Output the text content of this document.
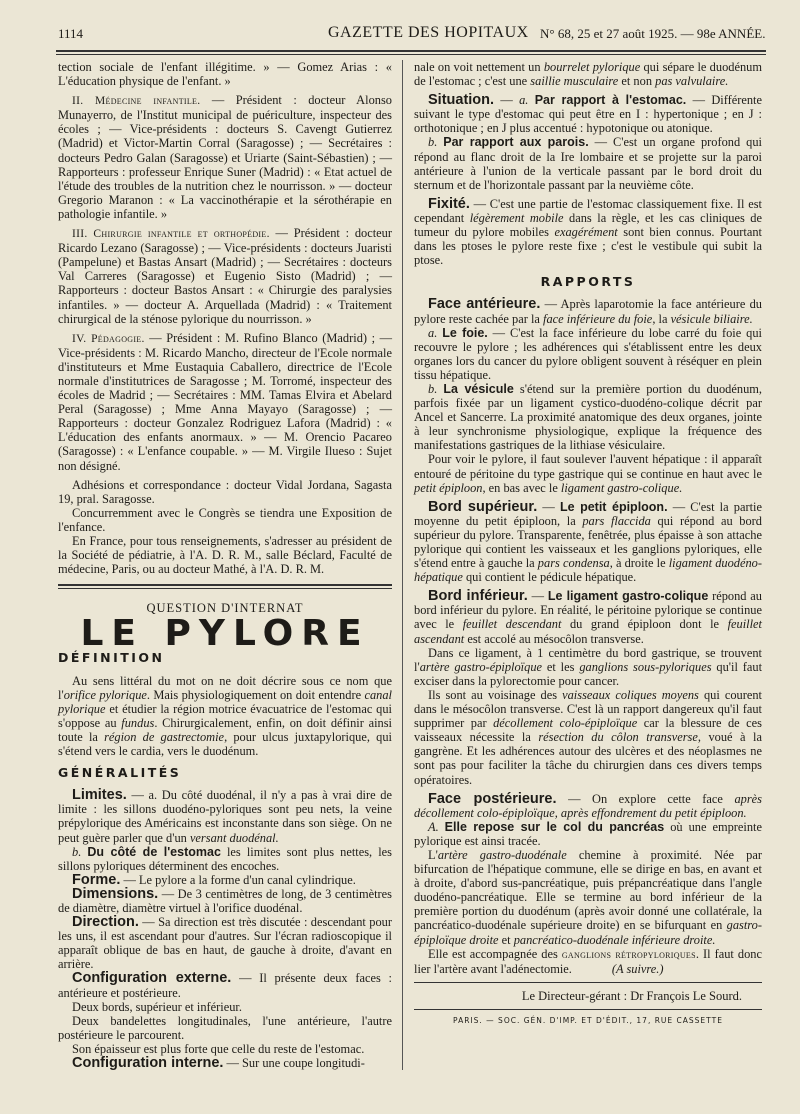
1114	GAZETTE DES HOPITAUX N° 68, 25 et 27 août 1925. — 98e ANNÉE.

tection sociale de l'enfant illégitime. » — Gomez Arias : « L'éducation physique de l'enfant. »

II. Médecine infantile. — Président : docteur Alonso Munayerro, de l'Institut municipal de puériculture, inspecteur des écoles ; — Vice-présidents : docteurs S. Cavengt Gutierrez (Madrid) et Victor-Martin Corral (Saragosse) ; — Secrétaires : docteurs Pedro Galan (Saragosse) et Uriarte (Saint-Sébastien) ; — Rapporteurs : professeur Enrique Suner (Madrid) : « Etat actuel de l'étude des troubles de la nutrition chez le nourrisson. » — docteur Gregorio Maranon : « La vaccinothérapie et la sérothérapie en pathologie infantile. »

III. Chirurgie infantile et orthopédie. — Président : docteur Ricardo Lezano (Saragosse) ; — Vice-présidents : docteurs Juaristi (Pampelune) et Bastas Ansart (Madrid) ; — Secrétaires : docteurs Val Carreres (Saragosse) et Eugenio Sisto (Madrid) ; — Rapporteurs : docteur Bastos Ansart : « Chirurgie des paralysies infantiles. » — docteur A. Arquellada (Madrid) : « Traitement chirurgical de la sténose pylorique du nourrisson. »

IV. Pédagogie. — Président : M. Rufino Blanco (Madrid) ; — Vice-présidents : M. Ricardo Mancho, directeur de l'Ecole normale d'instituteurs et Mme Eustaquia Caballero, directrice de l'Ecole normale d'institutrices de Saragosse ; M. Torromé, inspecteur des écoles de Madrid ; — Secrétaires : MM. Tamas Elvira et Abelard Peral (Saragosse) ; Mme Anna Mayayo (Saragosse) ; — Rapporteurs : docteur Gonzalez Rodriguez Lafora (Madrid) : « L'éducation des enfants anormaux. » — M. Orencio Pacareo (Saragosse) : « L'enfance coupable. » — M. Virgile Ilueso : Sujet non désigné.

Adhésions et correspondance : docteur Vidal Jordana, Sagasta 19, pral. Saragosse.

Concurremment avec le Congrès se tiendra une Exposition de l'enfance.

En France, pour tous renseignements, s'adresser au président de la Société de pédiatrie, à l'A. D. R. M., salle Béclard, Faculté de médecine, Paris, ou au docteur Mathé, à l'A. D. R. M.

QUESTION D'INTERNAT
LE PYLORE
DÉFINITION

Au sens littéral du mot on ne doit décrire sous ce nom que l'orifice pylorique. Mais physiologiquement on doit entendre canal pylorique et étudier la région motrice évacuatrice de l'estomac qui s'oppose au fundus. Chirurgicalement, enfin, on doit définir ainsi toute la région de gastrectomie, pour ulcus juxtapylorique, qui s'étend vers le cardia, vers le duodénum.

GÉNÉRALITÉS

Limites. — a. Du côté duodénal, il n'y a pas à vrai dire de limite : les sillons duodéno-pyloriques sont peu nets, la veine prépylorique des Américains est inconstante dans son siège. On ne peut guère parler que d'un versant duodénal.

b. Du côté de l'estomac les limites sont plus nettes, les sillons pyloriques déterminent des encoches.

Forme. — Le pylore a la forme d'un canal cylindrique.

Dimensions. — De 3 centimètres de long, de 3 centimètres de diamètre, diamètre virtuel à l'orifice duodénal.

Direction. — Sa direction est très discutée : descendant pour les uns, il est ascendant pour d'autres. Sur l'écran radioscopique il apparaît oblique de bas en haut, de gauche à droite, d'avant en arrière.

Configuration externe. — Il présente deux faces : antérieure et postérieure.

Deux bords, supérieur et inférieur.

Deux bandelettes longitudinales, l'une antérieure, l'autre postérieure le parcourent.

Son épaisseur est plus forte que celle du reste de l'estomac.

Configuration interne. — Sur une coupe longitudi-

nale on voit nettement un bourrelet pylorique qui sépare le duodénum de l'estomac ; c'est une saillie musculaire et non pas valvulaire.

Situation. — a. Par rapport à l'estomac. — Différente suivant le type d'estomac qui peut être en I : hypertonique ; en J : orthotonique ; en J plus accentué : hypotonique ou atonique.

b. Par rapport aux parois. — C'est un organe profond qui répond au flanc droit de la Ire lombaire et se projette sur la paroi antérieure à l'union de la verticale passant par le bord droit du sternum et de l'horizontale passant par la neuvième côte.

Fixité. — C'est une partie de l'estomac classiquement fixe. Il est cependant légèrement mobile dans la règle, et les cas cliniques de tumeur du pylore mobiles exagérément sont bien connus. Pourtant dans les ptoses le pylore reste fixe ; c'est le vestibule qui subit la ptose.

RAPPORTS

Face antérieure. — Après laparotomie la face antérieure du pylore reste cachée par la face inférieure du foie, la vésicule biliaire.

a. Le foie. — C'est la face inférieure du lobe carré du foie qui recouvre le pylore ; les adhérences qui s'établissent entre les deux organes lors du cancer du pylore obligent souvent à réséquer en plein tissu hépatique.

b. La vésicule s'étend sur la première portion du duodénum, parfois fixée par un ligament cystico-duodéno-colique décrit par Ancel et Sancerre. La proximité anatomique des deux organes, jointe à leur synchronisme physiologique, explique la fréquence des manifestations gastriques de la lithiase vésiculaire.

Pour voir le pylore, il faut soulever l'auvent hépatique : il apparaît entouré de péritoine du type gastrique qui se continue en haut avec le petit épiploon, en bas avec le ligament gastro-colique.

Bord supérieur. — Le petit épiploon. — C'est la partie moyenne du petit épiploon, la pars flaccida qui répond au bord supérieur du pylore. Transparente, fenêtrée, plus épaisse à son attache pylorique qui contient les vaisseaux et les ganglions pyloriques, elle s'étend entre à gauche la pars condensa, à droite le ligament duodéno-hépatique qui contient le pédicule hépatique.

Bord inférieur. — Le ligament gastro-colique répond au bord inférieur du pylore. En réalité, le péritoine pylorique se continue avec le feuillet descendant du grand épiploon dont le feuillet ascendant est accolé au mésocôlon transverse.

Dans ce ligament, à 1 centimètre du bord gastrique, se trouvent l'artère gastro-épiploïque et les ganglions sous-pyloriques qu'il faut exciser dans la pylorectomie pour cancer.

Ils sont au voisinage des vaisseaux coliques moyens qui courent dans le mésocôlon transverse. C'est là un rapport dangereux qu'il faut supprimer par décollement colo-épiploïque car la blessure de ces vaisseaux nécessite la résection du côlon transverse, voué à la gangrène. Et les adhérences autour des ulcères et des néoplasmes ne sont pas pour faciliter la tâche du chirurgien dans ces divers temps opératoires.

Face postérieure. — On explore cette face après décollement colo-épiploïque, après effondrement du petit épiploon.

A. Elle repose sur le col du pancréas où une empreinte pylorique est ainsi tracée.

L'artère gastro-duodénale chemine à proximité. Née par bifurcation de l'hépatique commune, elle se dirige en bas, en avant et à droite, d'abord sus-pancréatique, puis prépancréatique dans l'angle duodéno-pancréatique. Elle se termine au bord inférieur de la première portion du duodénum (après avoir donné une collatérale, la pancréatico-duodénale supérieure droite) en se bifurquant en gastro-épiploïque droite et pancréatico-duodénale inférieure droite.

Elle est accompagnée des ganglions rétropyloriques. Il faut donc lier l'artère avant l'adénectomie.	(A suivre.)

Le Directeur-gérant : Dr François Le Sourd.
PARIS. — SOC. GÉN. D'IMP. ET D'ÉDIT., 17, RUE CASSETTE
